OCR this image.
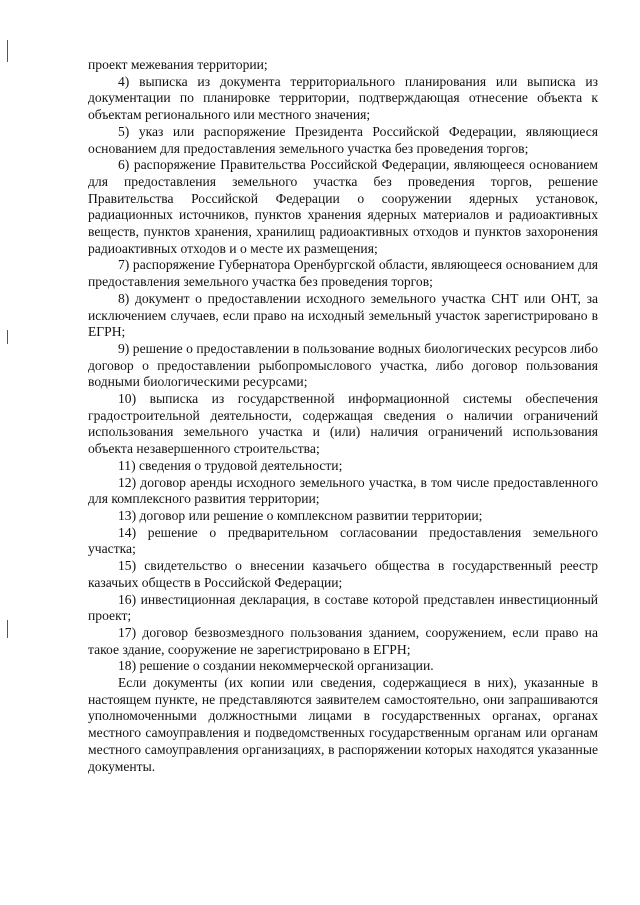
проект межевания территории;

4) выписка из документа территориального планирования или выписка из документации по планировке территории, подтверждающая отнесение объекта к объектам регионального или местного значения;

5) указ или распоряжение Президента Российской Федерации, являющиеся основанием для предоставления земельного участка без проведения торгов;

6) распоряжение Правительства Российской Федерации, являющееся основанием для предоставления земельного участка без проведения торгов, решение Правительства Российской Федерации о сооружении ядерных установок, радиационных источников, пунктов хранения ядерных материалов и радиоактивных веществ, пунктов хранения, хранилищ радиоактивных отходов и пунктов захоронения радиоактивных отходов и о месте их размещения;

7) распоряжение Губернатора Оренбургской области, являющееся основанием для предоставления земельного участка без проведения торгов;

8) документ о предоставлении исходного земельного участка СНТ или ОНТ, за исключением случаев, если право на исходный земельный участок зарегистрировано в ЕГРН;

9) решение о предоставлении в пользование водных биологических ресурсов либо договор о предоставлении рыбопромыслового участка, либо договор пользования водными биологическими ресурсами;

10) выписка из государственной информационной системы обеспечения градостроительной деятельности, содержащая сведения о наличии ограничений использования земельного участка и (или) наличия ограничений использования объекта незавершенного строительства;

11) сведения о трудовой деятельности;

12) договор аренды исходного земельного участка, в том числе предоставленного для комплексного развития территории;

13) договор или решение о комплексном развитии территории;

14) решение о предварительном согласовании предоставления земельного участка;

15) свидетельство о внесении казачьего общества в государственный реестр казачьих обществ в Российской Федерации;

16) инвестиционная декларация, в составе которой представлен инвестиционный проект;

17) договор безвозмездного пользования зданием, сооружением, если право на такое здание, сооружение не зарегистрировано в ЕГРН;

18) решение о создании некоммерческой организации.

Если документы (их копии или сведения, содержащиеся в них), указанные в настоящем пункте, не представляются заявителем самостоятельно, они запрашиваются уполномоченными должностными лицами в государственных органах, органах местного самоуправления и подведомственных государственным органам или органам местного самоуправления организациях, в распоряжении которых находятся указанные документы.
